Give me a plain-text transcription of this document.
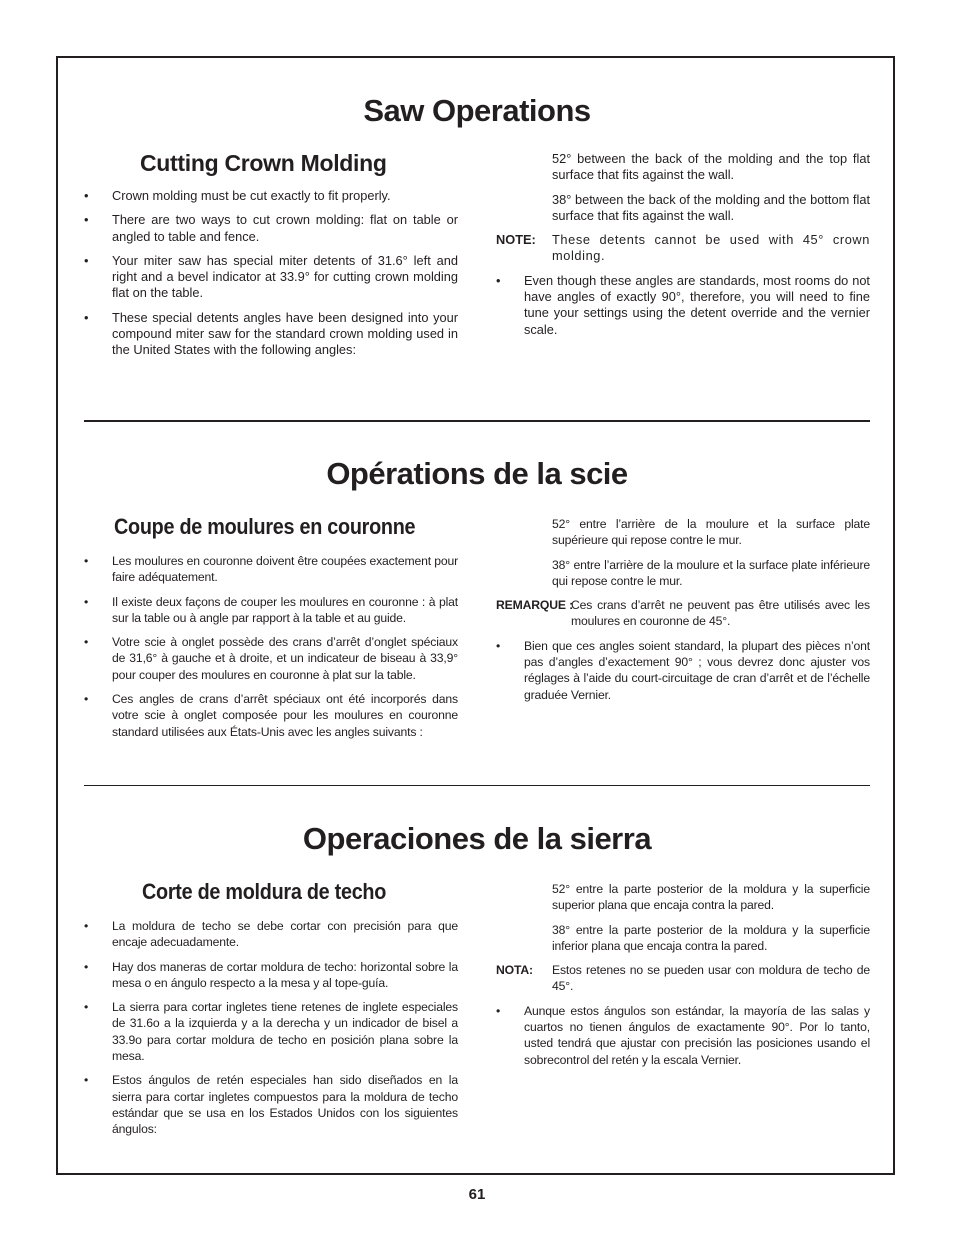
Saw Operations
Cutting Crown Molding

• Crown molding must be cut exactly to fit properly.

• There are two ways to cut crown molding: flat on table or angled to table and fence.

• Your miter saw has special miter detents of 31.6° left and right and a bevel indicator at 33.9° for cutting crown molding flat on the table.

• These special detents angles have been designed into your compound miter saw for the standard crown molding used in the United States with the following angles:

52° between the back of the molding and the top flat surface that fits against the wall.

38° between the back of the molding and the bottom flat surface that fits against the wall.

NOTE: These detents cannot be used with 45° crown molding.

• Even though these angles are standards, most rooms do not have angles of exactly 90°, therefore, you will need to fine tune your settings using the detent override and the vernier scale.

Opérations de la scie
Coupe de moulures en couronne

• Les moulures en couronne doivent être coupées exactement pour faire adéquatement.

• Il existe deux façons de couper les moulures en couronne : à plat sur la table ou à angle par rapport à la table et au guide.

• Votre scie à onglet possède des crans d’arrêt d’onglet spéciaux de 31,6° à gauche et à droite, et un indicateur de biseau à 33,9° pour couper des moulures en couronne à plat sur la table.

• Ces angles de crans d’arrêt spéciaux ont été incorporés dans votre scie à onglet composée pour les moulures en couronne standard utilisées aux États-Unis avec les angles suivants :

52° entre l’arrière de la moulure et la surface plate supérieure qui repose contre le mur.

38° entre l’arrière de la moulure et la surface plate inférieure qui repose contre le mur.

REMARQUE :
Ces crans d’arrêt ne peuvent pas être utilisés avec les moulures en couronne de 45°.

• Bien que ces angles soient standard, la plupart des pièces n’ont pas d’angles d’exactement 90° ; vous devrez donc ajuster vos réglages à l’aide du court-circuitage de cran d’arrêt et de l’échelle graduée Vernier.

Operaciones de la sierra
Corte de moldura de techo

• La moldura de techo se debe cortar con precisión para que encaje adecuadamente.

• Hay dos maneras de cortar moldura de techo: horizontal sobre la mesa o en ángulo respecto a la mesa y al tope-guía.

• La sierra para cortar ingletes tiene retenes de inglete especiales de 31.6o a la izquierda y a la derecha y un indicador de bisel a 33.9o para cortar moldura de techo en posición plana sobre la mesa.

• Estos ángulos de retén especiales han sido diseñados en la sierra para cortar ingletes compuestos para la moldura de techo estándar que se usa en los Estados Unidos con los siguientes ángulos:

52° entre la parte posterior de la moldura y la superficie superior plana que encaja contra la pared.

38° entre la parte posterior de la moldura y la superficie inferior plana que encaja contra la pared.

NOTA: Estos retenes no se pueden usar con moldura de techo de 45°.

• Aunque estos ángulos son estándar, la mayoría de las salas y cuartos no tienen ángulos de exactamente 90°. Por lo tanto, usted tendrá que ajustar con precisión las posiciones usando el sobrecontrol del retén y la escala Vernier.

61
